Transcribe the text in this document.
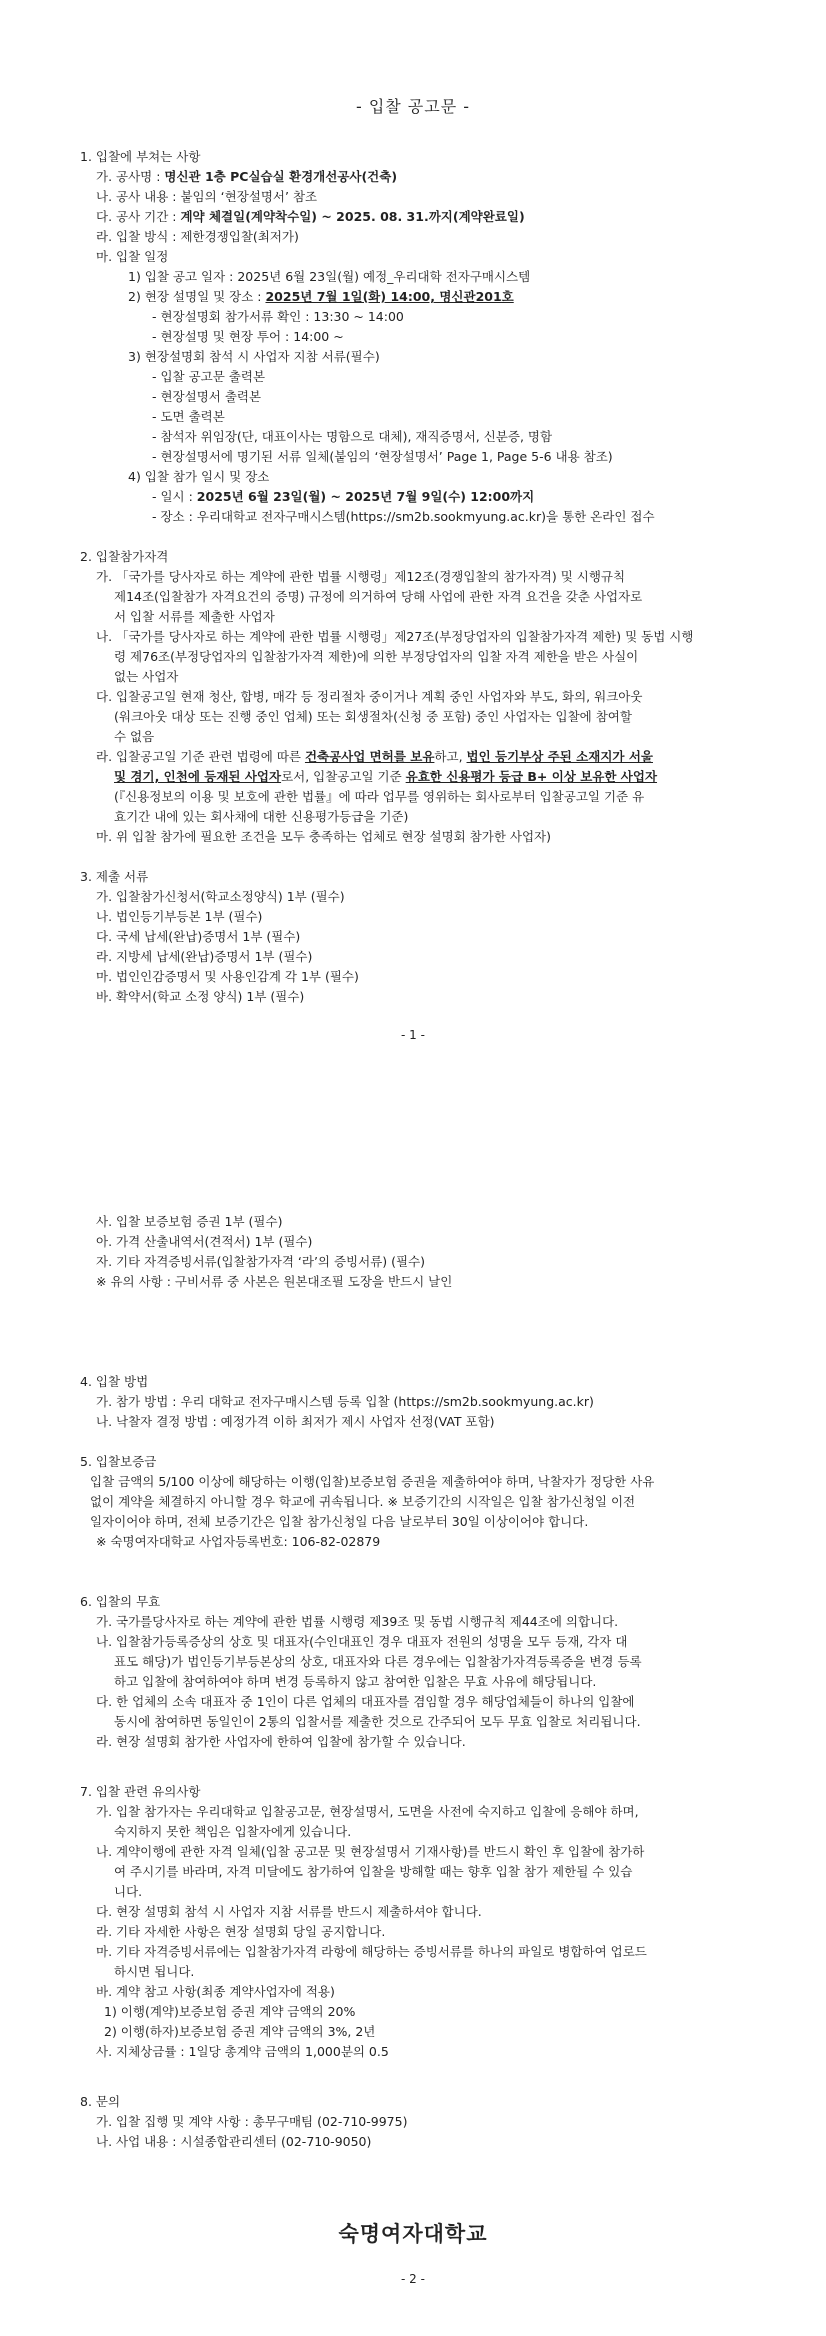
- 입찰 공고문 -
1. 입찰에 부쳐는 사항
가. 공사명 : 명신관 1층 PC실습실 환경개선공사(건축)
나. 공사 내용 : 붙임의 ‘현장설명서’ 참조
다. 공사 기간 : 계약 체결일(계약착수일) ~ 2025. 08. 31.까지(계약완료일)
라. 입찰 방식 : 제한경쟁입찰(최저가)
마. 입찰 일정
1) 입찰 공고 일자 : 2025년 6월 23일(월) 예정_우리대학 전자구매시스템
2) 현장 설명일 및 장소 : 2025년 7월 1일(화) 14:00, 명신관201호
- 현장설명회 참가서류 확인 : 13:30 ~ 14:00
- 현장설명 및 현장 투어 : 14:00 ~
3) 현장설명회 참석 시 사업자 지참 서류(필수)
- 입찰 공고문 출력본
- 현장설명서 출력본
- 도면 출력본
- 참석자 위임장(단, 대표이사는 명함으로 대체), 재직증명서, 신분증, 명함
- 현장설명서에 명기된 서류 일체(붙임의 ‘현장설명서’ Page 1, Page 5-6 내용 참조)
4) 입찰 참가 일시 및 장소
- 일시 : 2025년 6월 23일(월) ~ 2025년 7월 9일(수) 12:00까지
- 장소 : 우리대학교 전자구매시스템(https://sm2b.sookmyung.ac.kr)을 통한 온라인 접수
2. 입찰참가자격
가. 「국가를 당사자로 하는 계약에 관한 법률 시행령」제12조(경쟁입찰의 참가자격) 및 시행규칙
제14조(입찰참가 자격요건의 증명) 규정에 의거하여 당해 사업에 관한 자격 요건을 갖춘 사업자로
서 입찰 서류를 제출한 사업자
나. 「국가를 당사자로 하는 계약에 관한 법률 시행령」제27조(부정당업자의 입찰참가자격 제한) 및 동법 시행
령 제76조(부정당업자의 입찰참가자격 제한)에 의한 부정당업자의 입찰 자격 제한을 받은 사실이
없는 사업자
다. 입찰공고일 현재 청산, 합병, 매각 등 정리절차 중이거나 계획 중인 사업자와 부도, 화의, 워크아웃
(워크아웃 대상 또는 진행 중인 업체) 또는 회생절차(신청 중 포함) 중인 사업자는 입찰에 참여할
수 없음
라. 입찰공고일 기준 관련 법령에 따른 건축공사업 면허를 보유하고, 법인 등기부상 주된 소재지가 서울
및 경기, 인천에 등재된 사업자로서, 입찰공고일 기준 유효한 신용평가 등급 B+ 이상 보유한 사업자
(『신용정보의 이용 및 보호에 관한 법률』에 따라 업무를 영위하는 회사로부터 입찰공고일 기준 유
효기간 내에 있는 회사채에 대한 신용평가등급을 기준)
마. 위 입찰 참가에 필요한 조건을 모두 충족하는 업체로 현장 설명회 참가한 사업자)
3. 제출 서류
가. 입찰참가신청서(학교소정양식) 1부 (필수)
나. 법인등기부등본 1부 (필수)
다. 국세 납세(완납)증명서 1부 (필수)
라. 지방세 납세(완납)증명서 1부 (필수)
마. 법인인감증명서 및 사용인감계 각 1부 (필수)
바. 확약서(학교 소정 양식) 1부 (필수)
- 1 -
사. 입찰 보증보험 증권 1부 (필수)
아. 가격 산출내역서(견적서) 1부 (필수)
자. 기타 자격증빙서류(입찰참가자격 ‘라’의 증빙서류) (필수)
※ 유의 사항 : 구비서류 중 사본은 원본대조필 도장을 반드시 날인
4. 입찰 방법
가. 참가 방법 : 우리 대학교 전자구매시스템 등록 입찰 (https://sm2b.sookmyung.ac.kr)
나. 낙찰자 결정 방법 : 예정가격 이하 최저가 제시 사업자 선정(VAT 포함)
5. 입찰보증금
입찰 금액의 5/100 이상에 해당하는 이행(입찰)보증보험 증권을 제출하여야 하며, 낙찰자가 정당한 사유
없이 계약을 체결하지 아니할 경우 학교에 귀속됩니다. ※ 보증기간의 시작일은 입찰 참가신청일 이전
일자이어야 하며, 전체 보증기간은 입찰 참가신청일 다음 날로부터 30일 이상이어야 합니다.
※ 숙명여자대학교 사업자등록번호: 106-82-02879
6. 입찰의 무효
가. 국가를당사자로 하는 계약에 관한 법률 시행령 제39조 및 동법 시행규칙 제44조에 의합니다.
나. 입찰참가등록증상의 상호 및 대표자(수인대표인 경우 대표자 전원의 성명을 모두 등재, 각자 대
표도 해당)가 법인등기부등본상의 상호, 대표자와 다른 경우에는 입찰참가자격등록증을 변경 등록
하고 입찰에 참여하여야 하며 변경 등록하지 않고 참여한 입찰은 무효 사유에 해당됩니다.
다. 한 업체의 소속 대표자 중 1인이 다른 업체의 대표자를 겸임할 경우 해당업체들이 하나의 입찰에
동시에 참여하면 동일인이 2통의 입찰서를 제출한 것으로 간주되어 모두 무효 입찰로 처리됩니다.
라. 현장 설명회 참가한 사업자에 한하여 입찰에 참가할 수 있습니다.
7. 입찰 관련 유의사항
가. 입찰 참가자는 우리대학교 입찰공고문, 현장설명서, 도면을 사전에 숙지하고 입찰에 응해야 하며,
숙지하지 못한 책임은 입찰자에게 있습니다.
나. 계약이행에 관한 자격 일체(입찰 공고문 및 현장설명서 기재사항)를 반드시 확인 후 입찰에 참가하
여 주시기를 바라며, 자격 미달에도 참가하여 입찰을 방해할 때는 향후 입찰 참가 제한될 수 있습
니다.
다. 현장 설명회 참석 시 사업자 지참 서류를 반드시 제출하셔야 합니다.
라. 기타 자세한 사항은 현장 설명회 당일 공지합니다.
마. 기타 자격증빙서류에는 입찰참가자격 라항에 해당하는 증빙서류를 하나의 파일로 병합하여 업로드
하시면 됩니다.
바. 계약 참고 사항(최종 계약사업자에 적용)
1) 이행(계약)보증보험 증권 계약 금액의 20%
2) 이행(하자)보증보험 증권 계약 금액의 3%, 2년
사. 지체상금률 : 1일당 총계약 금액의 1,000분의 0.5
8. 문의
가. 입찰 집행 및 계약 사항 : 총무구매팀 (02-710-9975)
나. 사업 내용 : 시설종합관리센터 (02-710-9050)
숙명여자대학교
- 2 -
